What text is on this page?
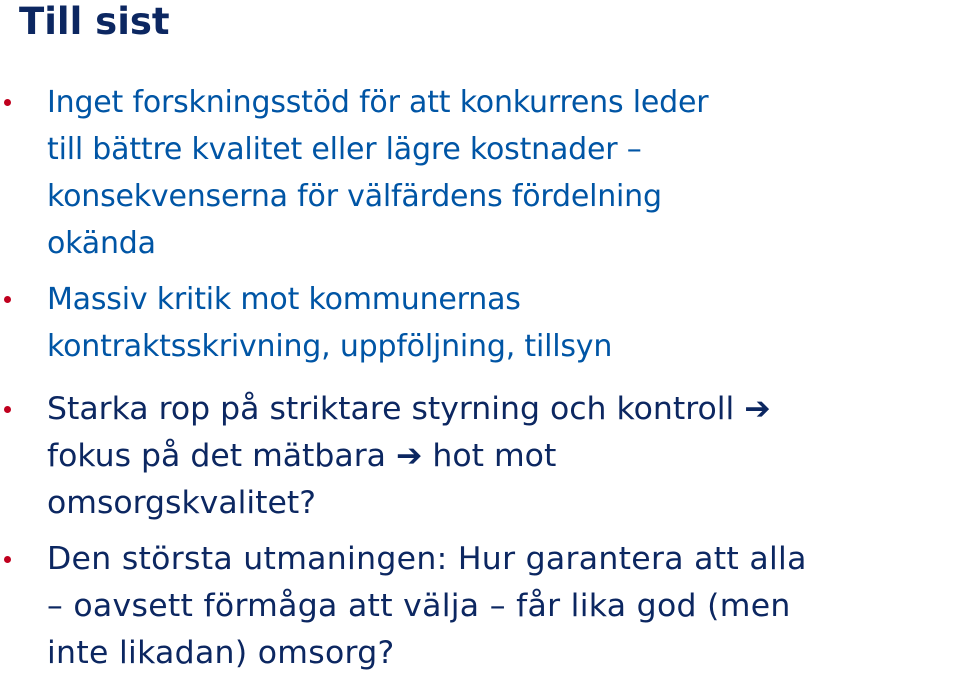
Till sist

Inget forskningsstöd för att konkurrens leder
till bättre kvalitet eller lägre kostnader –
konsekvenserna för välfärdens fördelning
okända

Massiv kritik mot kommunernas
kontraktsskrivning, uppföljning, tillsyn

Starka rop på striktare styrning och kontroll ➔
fokus på det mätbara ➔ hot mot
omsorgskvalitet?

Den största utmaningen: Hur garantera att alla
– oavsett förmåga att välja – får lika god (men
inte likadan) omsorg?
